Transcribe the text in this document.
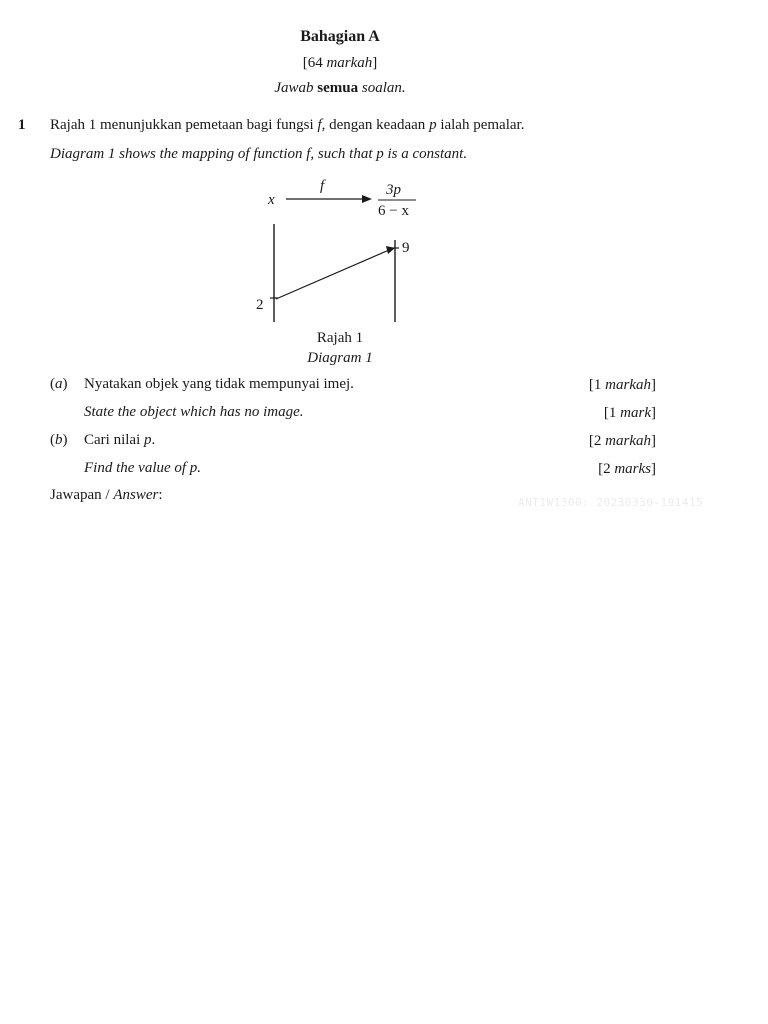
Bahagian A
[64 markah]
Jawab semua soalan.
1 Rajah 1 menunjukkan pemetaan bagi fungsi f, dengan keadaan p ialah pemalar.
Diagram 1 shows the mapping of function f, such that p is a constant.
x
f	3p
6 − x
2
9
Rajah 1
Diagram 1
(a) Nyatakan objek yang tidak mempunyai imej.	[1 markah]
State the object which has no image.	[1 mark]
(b) Cari nilai p.	[2 markah]
Find the value of p.	[2 marks]
Jawapan / Answer:	ANT1W1300: 20230330-191415
